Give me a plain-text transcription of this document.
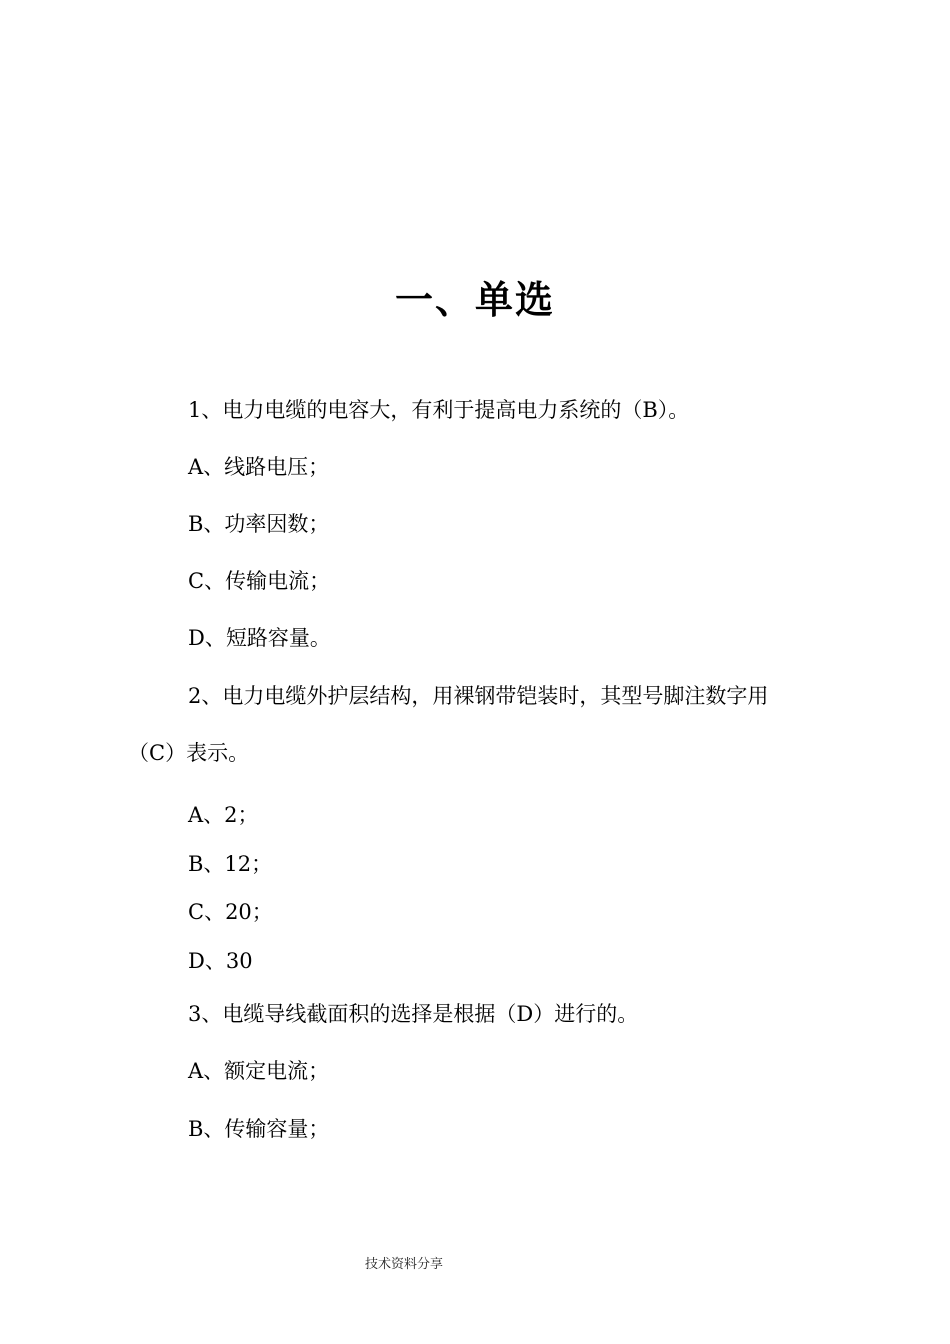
一、单选
1、电力电缆的电容大，有利于提高电力系统的（B）。
A、线路电压；
B、功率因数；
C、传输电流；
D、短路容量。
2、电力电缆外护层结构，用裸钢带铠装时，其型号脚注数字用
（C）表示。
A、2；
B、12；
C、20；
D、30
3、电缆导线截面积的选择是根据（D）进行的。
A、额定电流；
B、传输容量；
技术资料分享
